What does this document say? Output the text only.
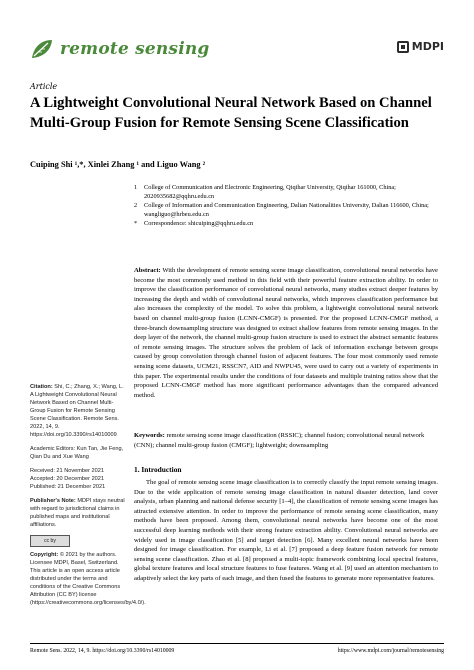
remote sensing	MDPI
Article
A Lightweight Convolutional Neural Network Based on Channel Multi-Group Fusion for Remote Sensing Scene Classification
Cuiping Shi ¹,*, Xinlei Zhang ¹ and Liguo Wang ²
1	College of Communication and Electronic Engineering, Qiqihar University, Qiqihar 161000, China; 2020935682@qqhru.edu.cn
2	College of Information and Communication Engineering, Dalian Nationalities University, Dalian 116600, China; wangliguo@hrbeu.edu.cn
*	Correspondence: shicuiping@qqhru.edu.cn
Citation: Shi, C.; Zhang, X.; Wang, L. A Lightweight Convolutional Neural Network Based on Channel Multi-Group Fusion for Remote Sensing Scene Classification. Remote Sens. 2022, 14, 9. https://doi.org/10.3390/rs14010009
Academic Editors: Kun Tan, Jie Feng, Qian Du and Xue Wang
Received: 21 November 2021
Accepted: 20 December 2021
Published: 21 December 2021
Publisher's Note: MDPI stays neutral with regard to jurisdictional claims in published maps and institutional affiliations.
cc by
Copyright: © 2021 by the authors. Licensee MDPI, Basel, Switzerland. This article is an open access article distributed under the terms and conditions of the Creative Commons Attribution (CC BY) license (https://creativecommons.org/licenses/by/4.0/).
Abstract: With the development of remote sensing scene image classification, convolutional neural networks have become the most commonly used method in this field with their powerful feature extraction ability. In order to improve the classification performance of convolutional neural networks, many studies extract deeper features by increasing the depth and width of convolutional neural networks, which improves classification performance but also increases the complexity of the model. To solve this problem, a lightweight convolutional neural network based on channel multi-group fusion (LCNN-CMGF) is presented. For the proposed LCNN-CMGF method, a three-branch downsampling structure was designed to extract shallow features from remote sensing images. In the deep layer of the network, the channel multi-group fusion structure is used to extract the abstract semantic features of remote sensing images. The structure solves the problem of lack of information exchange between groups caused by group convolution through channel fusion of adjacent features. The four most commonly used remote sensing scene datasets, UCM21, RSSCN7, AID and NWPU45, were used to carry out a variety of experiments in this paper. The experimental results under the conditions of four datasets and multiple training ratios show that the proposed LCNN-CMGF method has more significant performance advantages than the compared advanced method.
Keywords: remote sensing scene image classification (RSSIC); channel fusion; convolutional neural network (CNN); channel multi-group fusion (CMGF); lightweight; downsampling
1. Introduction
The goal of remote sensing scene image classification is to correctly classify the input remote sensing images. Due to the wide application of remote sensing image classification in natural disaster detection, land cover analysis, urban planning and national defense security [1–4], the classification of remote sensing scene images has attracted extensive attention. In order to improve the performance of remote sensing scene classification, many methods have been proposed. Among them, convolutional neural networks have become one of the most successful deep learning methods with their strong feature extraction ability. Convolutional neural networks are widely used in image classification [5] and target detection [6]. Many excellent neural networks have been designed for image classification. For example, Li et al. [7] proposed a deep feature fusion network for remote sensing scene classification. Zhao et al. [8] proposed a multi-topic framework combining local spectral features, global texture features and local structure features to fuse features. Wang et al. [9] used an attention mechanism to adaptively select the key parts of each image, and then fused the features to generate more representative features.
Remote Sens. 2022, 14, 9. https://doi.org/10.3390/rs14010009	https://www.mdpi.com/journal/remotesensing
